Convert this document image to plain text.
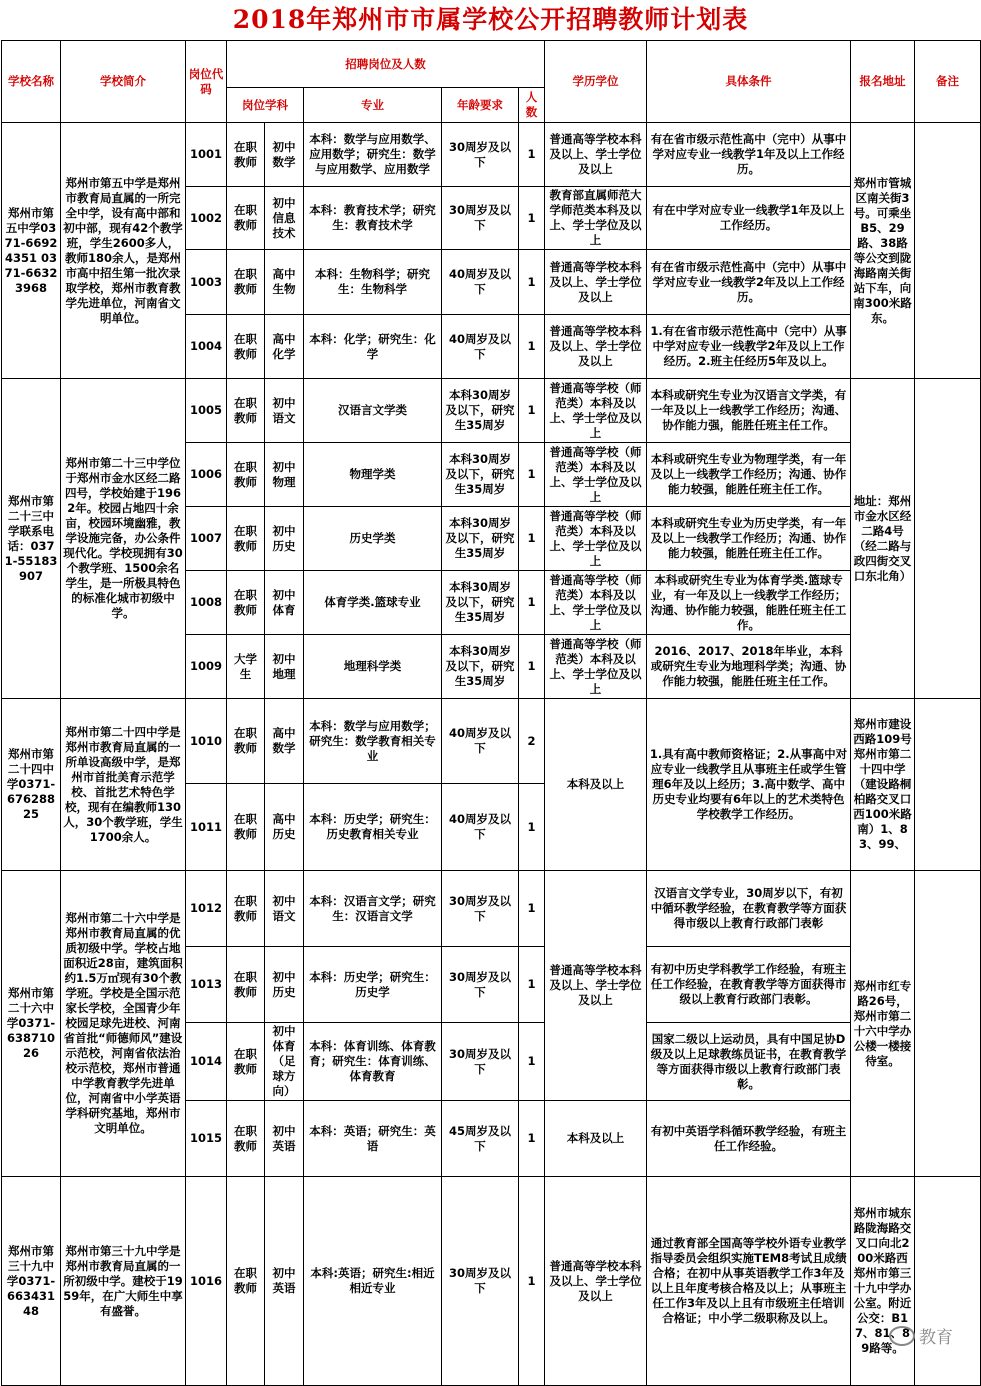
2018年郑州市市属学校公开招聘教师计划表
学校名称	学校简介	岗位代码	招聘岗位及人数					学历学位	具体条件	报名地址	备注
			岗位学科		专业	年龄要求	人数				
郑州市第五中学0371-66924351 0371-66323968	郑州市第五中学是郑州市教育局直属的一所完全中学，设有高中部和初中部，现有42个教学班，学生2600多人，教师180余人，是郑州市高中招生第一批次录取学校，郑州市教育教学先进单位，河南省文明单位。	1001	在职教师	初中数学	本科：数学与应用数学、应用数学；研究生：数学与应用数学、应用数学	30周岁及以下	1	普通高等学校本科及以上、学士学位及以上	有在省市级示范性高中（完中）从事中学对应专业一线教学1年及以上工作经历。	郑州市管城区南关街3号。可乘坐B5、29路、38路等公交到陇海路南关街站下车，向南300米路东。	
		1002	在职教师	初中信息技术	本科：教育技术学；研究生：教育技术学	30周岁及以下	1	教育部直属师范大学师范类本科及以上、学士学位及以上	有在中学对应专业一线教学1年及以上工作经历。		
		1003	在职教师	高中生物	本科：生物科学；研究生：生物科学	40周岁及以下	1	普通高等学校本科及以上、学士学位及以上	有在省市级示范性高中（完中）从事中学对应专业一线教学2年及以上工作经历。		
		1004	在职教师	高中化学	本科：化学；研究生：化学	40周岁及以下	1	普通高等学校本科及以上、学士学位及以上	1.有在省市级示范性高中（完中）从事中学对应专业一线教学2年及以上工作经历。2.班主任经历5年及以上。		
郑州市第二十三中学联系电话：0371-55183907	郑州市第二十三中学位于郑州市金水区经二路四号，学校始建于1962年。校园占地四十余亩，校园环境幽雅，教学设施完备，办公条件现代化。学校现拥有30个教学班、1500余名学生，是一所极具特色的标准化城市初级中学。	1005	在职教师	初中语文	汉语言文学类	本科30周岁及以下，研究生35周岁	1	普通高等学校（师范类）本科及以上、学士学位及以上	本科或研究生专业为汉语言文学类，有一年及以上一线教学工作经历；沟通、协作能力强，能胜任班主任工作。	地址：郑州市金水区经二路4号（经二路与政四街交叉口东北角）	
		1006	在职教师	初中物理	物理学类	本科30周岁及以下，研究生35周岁	1	普通高等学校（师范类）本科及以上、学士学位及以上	本科或研究生专业为物理学类，有一年及以上一线教学工作经历；沟通、协作能力较强，能胜任班主任工作。		
		1007	在职教师	初中历史	历史学类	本科30周岁及以下，研究生35周岁	1	普通高等学校（师范类）本科及以上、学士学位及以上	本科或研究生专业为历史学类，有一年及以上一线教学工作经历；沟通、协作能力较强，能胜任班主任工作。		
		1008	在职教师	初中体育	体育学类.篮球专业	本科30周岁及以下，研究生35周岁	1	普通高等学校（师范类）本科及以上、学士学位及以上	本科或研究生专业为体育学类.篮球专业，有一年及以上一线教学工作经历；沟通、协作能力较强，能胜任班主任工作。		
		1009	大学生	初中地理	地理科学类	本科30周岁及以下，研究生35周岁	1	普通高等学校（师范类）本科及以上、学士学位及以上	2016、2017、2018年毕业，本科或研究生专业为地理科学类；沟通、协作能力较强，能胜任班主任工作。		
郑州市第二十四中学0371-67628825	郑州市第二十四中学是郑州市教育局直属的一所单设高级中学，是郑州市首批美育示范学校、首批艺术特色学校，现有在编教师130人，30个教学班，学生1700余人。	1010	在职教师	高中数学	本科：数学与应用数学；研究生：数学教育相关专业	40周岁及以下	2	本科及以上	1.具有高中教师资格证；2.从事高中对应专业一线教学且从事班主任或学生管理6年及以上经历；3.高中数学、高中历史专业均要有6年以上的艺术类特色学校教学工作经历。	郑州市建设西路109号郑州市第二十四中学（建设路桐柏路交叉口西100米路南）1、83、99、	
		1011	在职教师	高中历史	本科：历史学；研究生：历史教育相关专业	40周岁及以下	1				
郑州市第二十六中学0371-63871026	郑州市第二十六中学是郑州市教育局直属的优质初级中学。学校占地面积近28亩，建筑面积约1.5万㎡现有30个教学班。学校是全国示范家长学校，全国青少年校园足球先进校、河南省首批“师德师风”建设示范校，河南省依法治校示范校，郑州市普通中学教育教学先进单位，河南省中小学英语学科研究基地，郑州市文明单位。	1012	在职教师	初中语文	本科：汉语言文学；研究生：汉语言文学	30周岁及以下	1	普通高等学校本科及以上、学士学位及以上	汉语言文学专业，30周岁以下，有初中循环教学经验，在教育教学等方面获得市级以上教育行政部门表彰	郑州市红专路26号，郑州市第二十六中学办公楼一楼接待室。	
		1013	在职教师	初中历史	本科：历史学；研究生：历史学	30周岁及以下	1		有初中历史学科教学工作经验，有班主任工作经验，在教育教学等方面获得市级以上教育行政部门表彰。		
		1014	在职教师	初中体育（足球方向）	本科：体育训练、体育教育；研究生：体育训练、体育教育	30周岁及以下	1		国家二级以上运动员，具有中国足协D级及以上足球教练员证书，在教育教学等方面获得市级以上教育行政部门表彰。		
		1015	在职教师	初中英语	本科：英语；研究生：英语	45周岁及以下	1	本科及以上	有初中英语学科循环教学经验，有班主任工作经验。		
郑州市第三十九中学0371-66343148	郑州市第三十九中学是郑州市教育局直属的一所初级中学。建校于1959年，在广大师生中享有盛誉。	1016	在职教师	初中英语	本科:英语；研究生:相近相近专业	30周岁及以下	1	普通高等学校本科及以上、学士学位及以上	通过教育部全国高等学校外语专业教学指导委员会组织实施TEM8考试且成绩合格；在初中从事英语教学工作3年及以上且年度考核合格及以上；从事班主任工作3年及以上且有市级班主任培训合格证；中小学二级职称及以上。	郑州市城东路陇海路交叉口向北200米路西郑州市第三十九中学办公室。附近公交：B17、81、89路等。	教育
